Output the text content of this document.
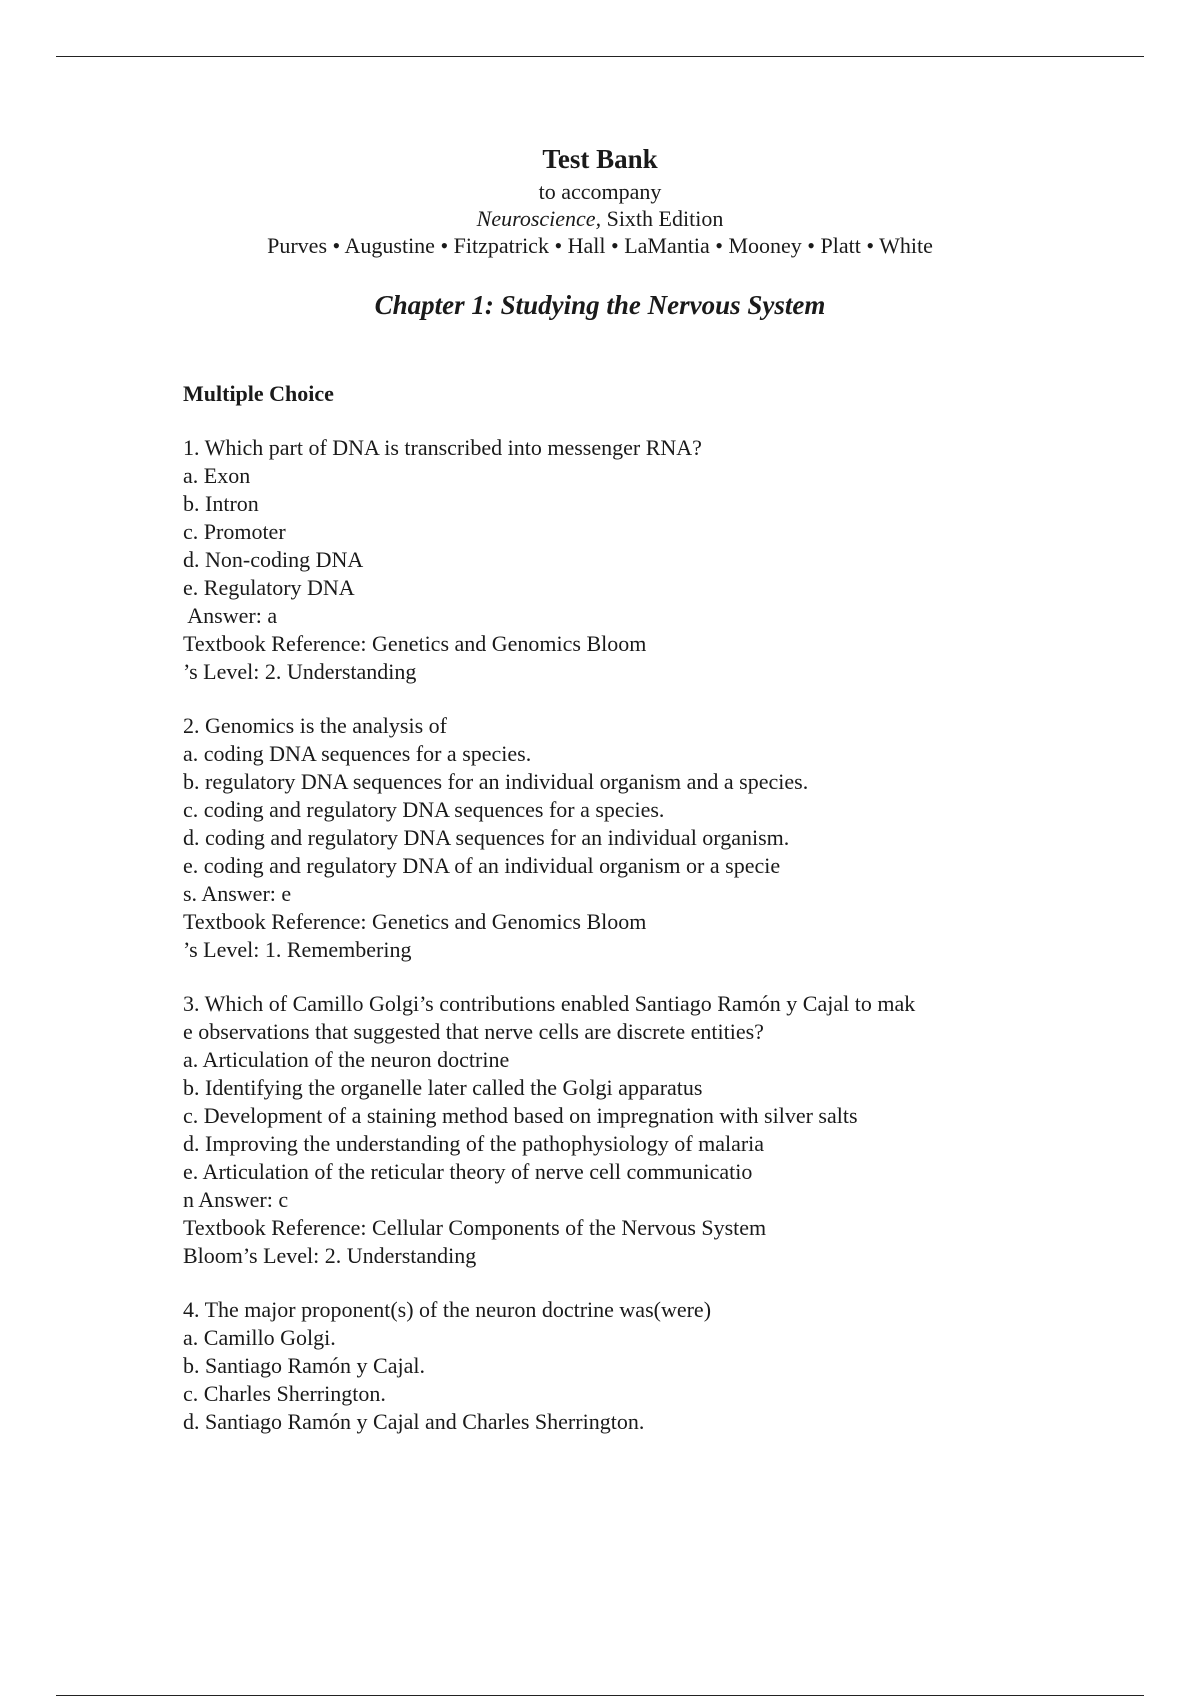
Test Bank

to accompany

Neuroscience, Sixth Edition

Purves • Augustine • Fitzpatrick • Hall • LaMantia • Mooney • Platt • White

Chapter 1: Studying the Nervous System

Multiple Choice

1. Which part of DNA is transcribed into messenger RNA?

a. Exon

b. Intron

c. Promoter

d. Non-coding DNA

e. Regulatory DNA

Answer: a

Textbook Reference: Genetics and Genomics Bloom

’s Level: 2. Understanding

2. Genomics is the analysis of

a. coding DNA sequences for a species.

b. regulatory DNA sequences for an individual organism and a species.

c. coding and regulatory DNA sequences for a species.

d. coding and regulatory DNA sequences for an individual organism.

e. coding and regulatory DNA of an individual organism or a specie

s. Answer: e

Textbook Reference: Genetics and Genomics Bloom

’s Level: 1. Remembering

3. Which of Camillo Golgi’s contributions enabled Santiago Ramón y Cajal to mak

e observations that suggested that nerve cells are discrete entities?

a. Articulation of the neuron doctrine

b. Identifying the organelle later called the Golgi apparatus

c. Development of a staining method based on impregnation with silver salts

d. Improving the understanding of the pathophysiology of malaria

e. Articulation of the reticular theory of nerve cell communicatio

n Answer: c

Textbook Reference: Cellular Components of the Nervous System

Bloom’s Level: 2. Understanding

4. The major proponent(s) of the neuron doctrine was(were)

a. Camillo Golgi.

b. Santiago Ramón y Cajal.

c. Charles Sherrington.

d. Santiago Ramón y Cajal and Charles Sherrington.
